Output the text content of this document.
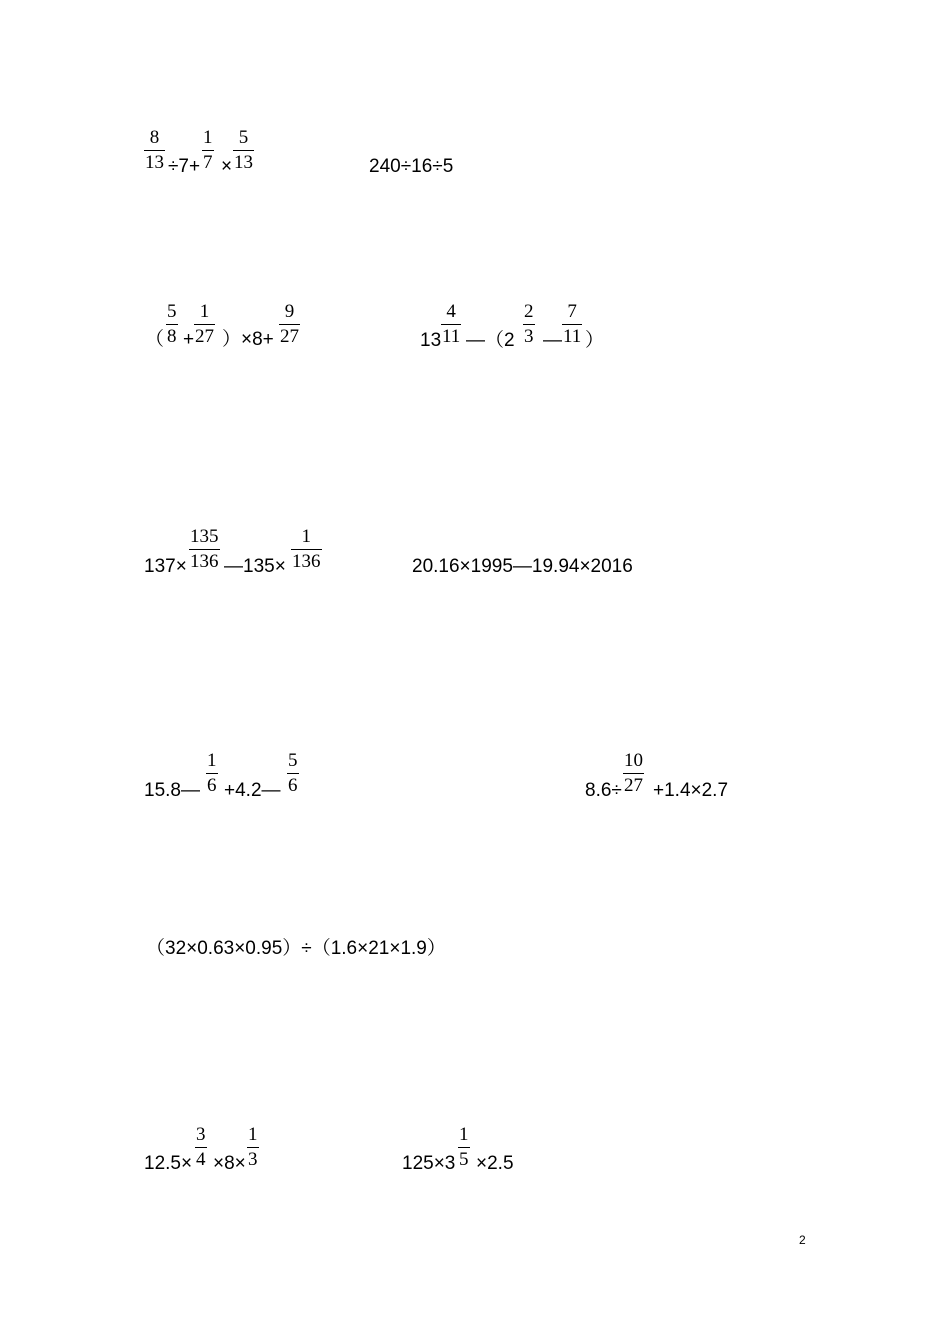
$\frac{8}{13} \div 7+ \frac{1}{7} \times \frac{5}{13}$	240÷16÷5
（ $\frac{5}{8} + \frac{1}{27} )\times 8+ \frac{9}{27}$	$13 \frac{4}{11}$ —（2 $\frac{2}{3}$ — $\frac{7}{11}$ ）
$137\times \frac{135}{136}$ —135× $\frac{1}{136}$	20.16×1995—19.94×2016
15.8— $\frac{1}{6}$ +4.2— $\frac{5}{6}$	$8.6\div \frac{10}{27} +1.4\times 2.7$
（32×0.63×0.95）÷（1.6×21×1.9）
$12.5\times \frac{3}{4} \times 8\times \frac{1}{3}$	$125\times 3 \frac{1}{5} \times 2.5$
2
